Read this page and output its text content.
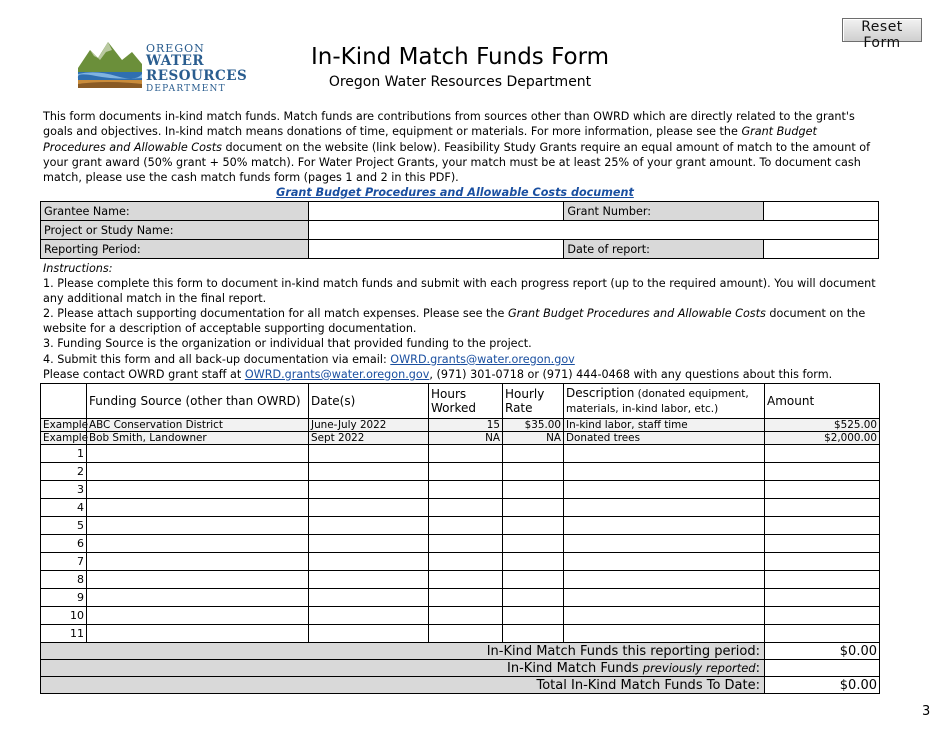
Reset Form
OREGON
WATER
RESOURCES
DEPARTMENT
In-Kind Match Funds Form
Oregon Water Resources Department
This form documents in-kind match funds. Match funds are contributions from sources other than OWRD which are directly related to the grant's goals and objectives. In-kind match means donations of time, equipment or materials. For more information, please see the Grant Budget Procedures and Allowable Costs document on the website (link below). Feasibility Study Grants require an equal amount of match to the amount of your grant award (50% grant + 50% match). For Water Project Grants, your match must be at least 25% of your grant amount. To document cash match, please use the cash match funds form (pages 1 and 2 in this PDF).
Grant Budget Procedures and Allowable Costs document
Grantee Name:		Grant Number:	
Project or Study Name:			
Reporting Period:		Date of report:	
Instructions:
1. Please complete this form to document in-kind match funds and submit with each progress report (up to the required amount). You will document any additional match in the final report.
2. Please attach supporting documentation for all match expenses. Please see the Grant Budget Procedures and Allowable Costs document on the website for a description of acceptable supporting documentation.
3. Funding Source is the organization or individual that provided funding to the project.
4. Submit this form and all back-up documentation via email: OWRD.grants@water.oregon.gov
Please contact OWRD grant staff at OWRD.grants@water.oregon.gov, (971) 301-0718 or (971) 444-0468 with any questions about this form.
	Funding Source (other than OWRD)	Date(s)	Hours Worked	Hourly Rate	Description (donated equipment, materials, in-kind labor, etc.)	Amount
Example	ABC Conservation District	June-July 2022	15	$35.00	In-kind labor, staff time	$525.00
Example	Bob Smith, Landowner	Sept 2022	NA	NA	Donated trees	$2,000.00
1						
2						
3						
4						
5						
6						
7						
8						
9						
10						
11						
In-Kind Match Funds this reporting period:						$0.00
In-Kind Match Funds previously reported:						
Total In-Kind Match Funds To Date:						$0.00
3
